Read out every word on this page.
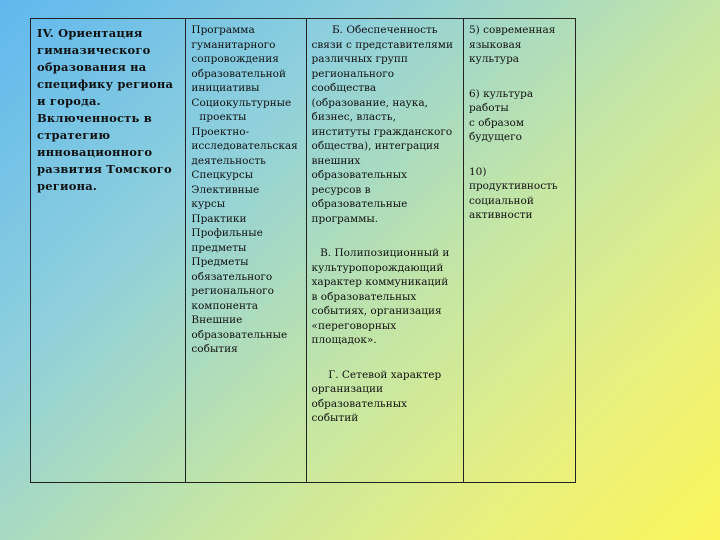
IV. Ориентация
гимназического
образования на
специфику региона
и города.
Включенность в
стратегию
инновационного
развития Томского
региона.

Программа
гуманитарного
сопровождения
образовательной
инициативы
Социокультурные
проекты
Проектно-
исследовательская
деятельность
Спецкурсы
Элективные
курсы
Практики
Профильные
предметы
Предметы
обязательного
регионального
компонента
Внешние
образовательные
события

Б. Обеспеченность
связи с представителями
различных групп
регионального
сообщества
(образование, наука,
бизнес, власть,
институты гражданского
общества), интеграция
внешних
образовательных
ресурсов в
образовательные
программы.
В. Полипозиционный и
культуропорождающий
характер коммуникаций
в образовательных
событиях, организация
«переговорных
площадок».
Г. Сетевой характер
организации
образовательных
событий

5) современная
языковая культура
6) культура работы
с образом будущего
10) продуктивность
социальной
активности
